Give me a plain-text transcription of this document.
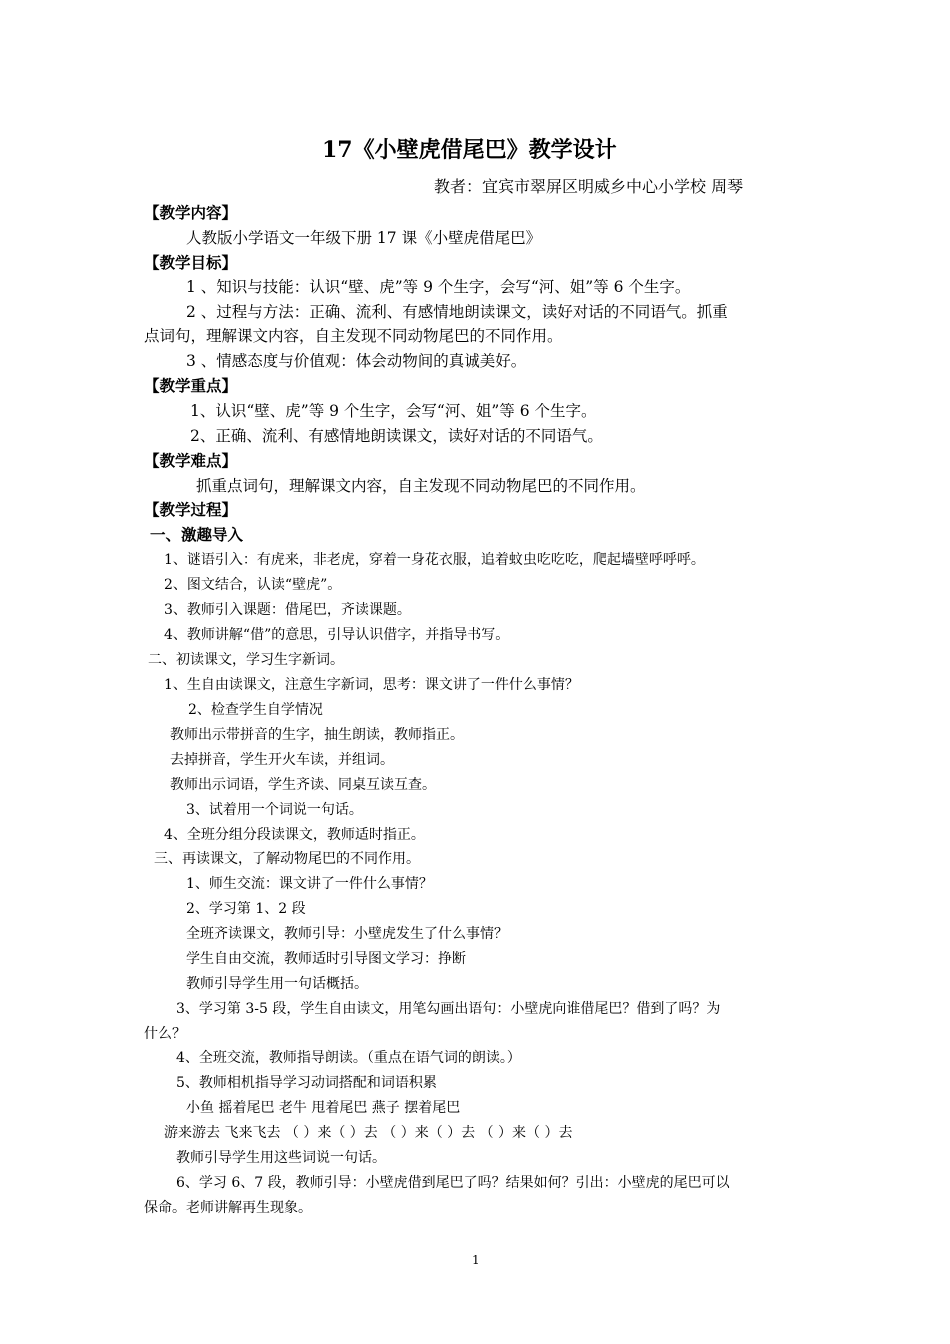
17《小壁虎借尾巴》教学设计
教者：宜宾市翠屏区明威乡中心小学校 周琴
【教学内容】
人教版小学语文一年级下册 17 课《小壁虎借尾巴》
【教学目标】
1 、知识与技能：认识“壁、虎”等 9 个生字，会写“河、姐”等 6 个生字。
2 、过程与方法：正确、流利、有感情地朗读课文，读好对话的不同语气。抓重
点词句，理解课文内容，自主发现不同动物尾巴的不同作用。
3 、情感态度与价值观：体会动物间的真诚美好。
【教学重点】
1、认识“壁、虎”等 9 个生字，会写“河、姐”等 6 个生字。
2、正确、流利、有感情地朗读课文，读好对话的不同语气。
【教学难点】
抓重点词句，理解课文内容，自主发现不同动物尾巴的不同作用。
【教学过程】
一、激趣导入
1、谜语引入：有虎来，非老虎，穿着一身花衣服，追着蚊虫吃吃吃，爬起墙壁呼呼呼。
2、图文结合，认读“壁虎”。
3、教师引入课题：借尾巴，齐读课题。
4、教师讲解“借”的意思，引导认识借字，并指导书写。
二、初读课文，学习生字新词。
1、生自由读课文，注意生字新词，思考：课文讲了一件什么事情？
2、检查学生自学情况
教师出示带拼音的生字，抽生朗读，教师指正。
去掉拼音，学生开火车读，并组词。
教师出示词语，学生齐读、同桌互读互查。
3、试着用一个词说一句话。
4、全班分组分段读课文，教师适时指正。
三、再读课文，了解动物尾巴的不同作用。
1、师生交流：课文讲了一件什么事情？
2、学习第 1、2 段
全班齐读课文，教师引导：小壁虎发生了什么事情？
学生自由交流，教师适时引导图文学习：挣断
教师引导学生用一句话概括。
3、学习第 3-5 段，学生自由读文，用笔勾画出语句：小壁虎向谁借尾巴？借到了吗？为
什么？
4、全班交流，教师指导朗读。（重点在语气词的朗读。）
5、教师相机指导学习动词搭配和词语积累
小鱼 摇着尾巴 老牛 甩着尾巴 燕子 摆着尾巴
游来游去 飞来飞去 （ ）来（ ）去 （ ）来（ ）去 （ ）来（ ）去
教师引导学生用这些词说一句话。
6、学习 6、7 段，教师引导：小壁虎借到尾巴了吗？结果如何？引出：小壁虎的尾巴可以
保命。老师讲解再生现象。
1
